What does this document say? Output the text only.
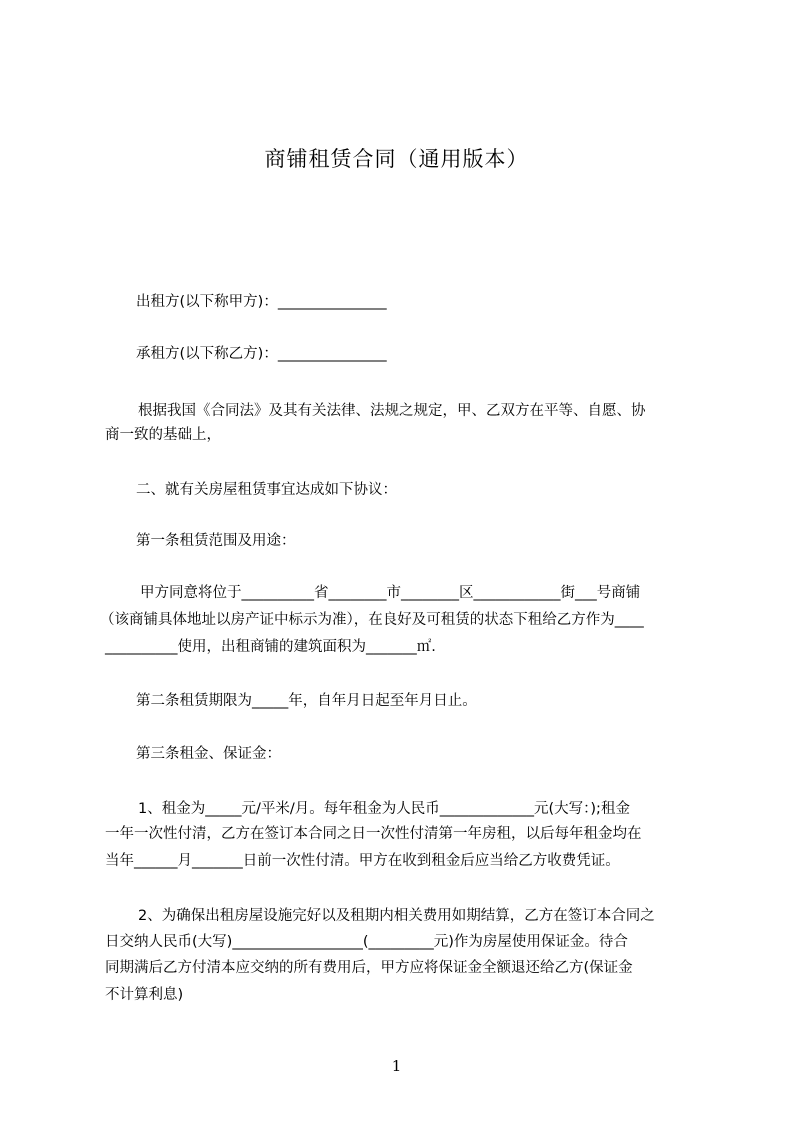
商铺租赁合同（通用版本）
出租方(以下称甲方)：_______________
承租方(以下称乙方)：_______________
根据我国《合同法》及其有关法律、法规之规定，甲、乙双方在平等、自愿、协
商一致的基础上，
二、就有关房屋租赁事宜达成如下协议：
第一条租赁范围及用途：
甲方同意将位于__________省________市________区____________街___号商铺
（该商铺具体地址以房产证中标示为准），在良好及可租赁的状态下租给乙方作为____
__________使用，出租商铺的建筑面积为_______㎡.
第二条租赁期限为_____年，自年月日起至年月日止。
第三条租金、保证金：
1、租金为_____元/平米/月。每年租金为人民币_____________元(大写：);租金
一年一次性付清，乙方在签订本合同之日一次性付清第一年房租，以后每年租金均在
当年______月_______日前一次性付清。甲方在收到租金后应当给乙方收费凭证。
2、为确保出租房屋设施完好以及租期内相关费用如期结算，乙方在签订本合同之
日交纳人民币(大写)__________________(_________元)作为房屋使用保证金。待合
同期满后乙方付清本应交纳的所有费用后，甲方应将保证金全额退还给乙方(保证金
不计算利息)
1
